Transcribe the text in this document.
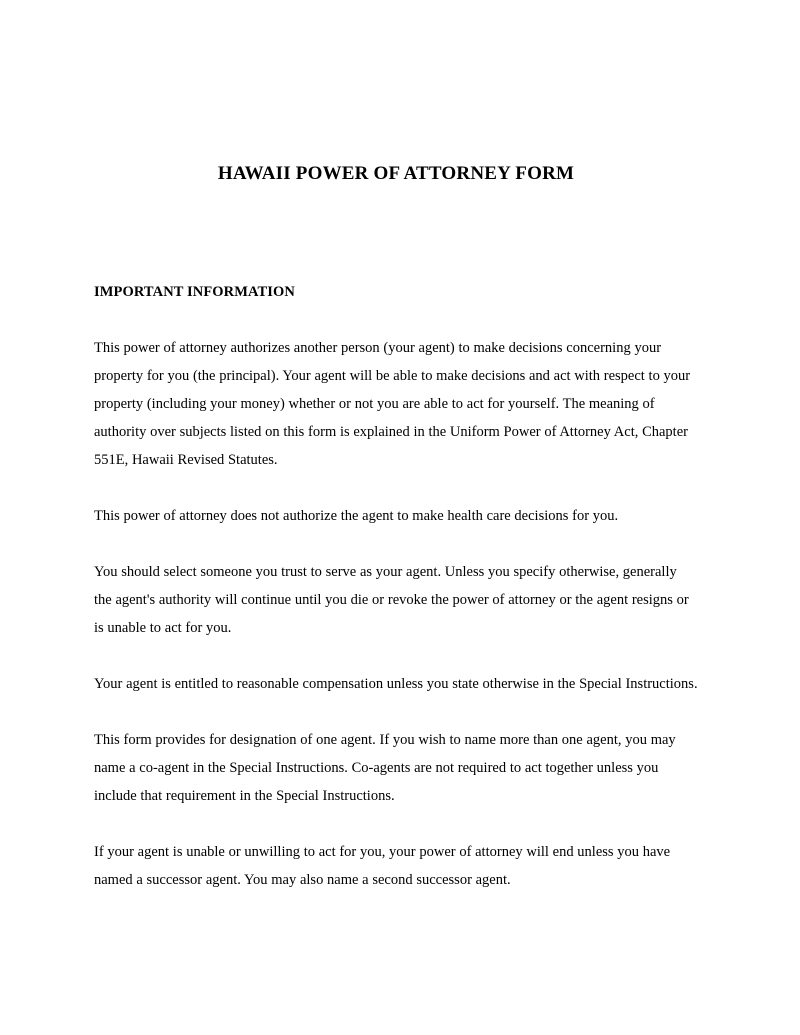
HAWAII POWER OF ATTORNEY FORM
IMPORTANT INFORMATION

This power of attorney authorizes another person (your agent) to make decisions concerning your property for you (the principal). Your agent will be able to make decisions and act with respect to your property (including your money) whether or not you are able to act for yourself. The meaning of authority over subjects listed on this form is explained in the Uniform Power of Attorney Act, Chapter 551E, Hawaii Revised Statutes.

This power of attorney does not authorize the agent to make health care decisions for you.

You should select someone you trust to serve as your agent. Unless you specify otherwise, generally the agent's authority will continue until you die or revoke the power of attorney or the agent resigns or is unable to act for you.

Your agent is entitled to reasonable compensation unless you state otherwise in the Special Instructions.

This form provides for designation of one agent. If you wish to name more than one agent, you may name a co-agent in the Special Instructions. Co-agents are not required to act together unless you include that requirement in the Special Instructions.

If your agent is unable or unwilling to act for you, your power of attorney will end unless you have named a successor agent. You may also name a second successor agent.
